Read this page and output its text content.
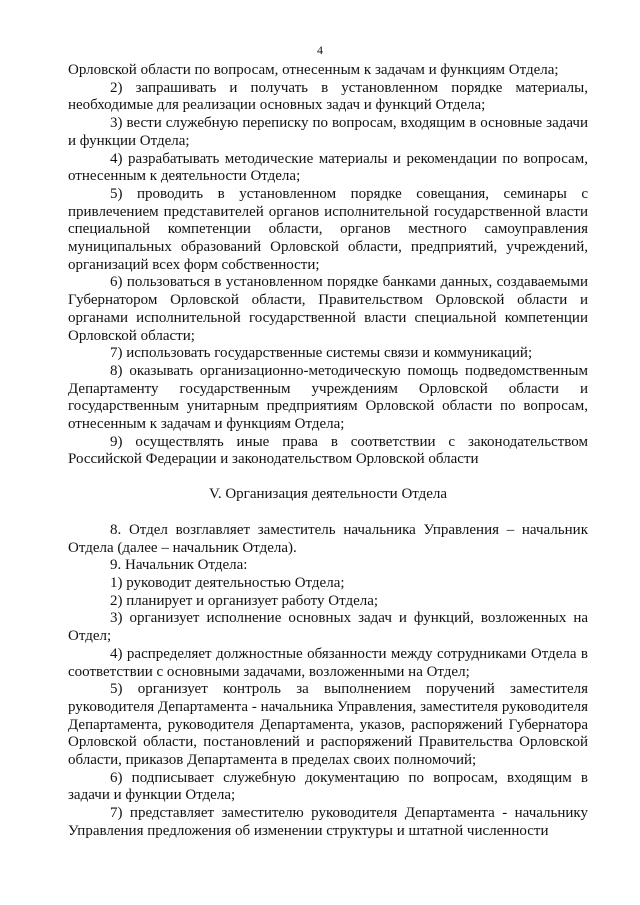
4

Орловской области по вопросам, отнесенным к задачам и функциям Отдела;

2) запрашивать и получать в установленном порядке материалы, необходимые для реализации основных задач и функций Отдела;

3) вести служебную переписку по вопросам, входящим в основные задачи и функции Отдела;

4) разрабатывать методические материалы и рекомендации по вопросам, отнесенным к деятельности Отдела;

5) проводить в установленном порядке совещания, семинары с привлечением представителей органов исполнительной государственной власти специальной компетенции области, органов местного самоуправления муниципальных образований Орловской области, предприятий, учреждений, организаций всех форм собственности;

6) пользоваться в установленном порядке банками данных, создаваемыми Губернатором Орловской области, Правительством Орловской области и органами исполнительной государственной власти специальной компетенции Орловской области;

7) использовать государственные системы связи и коммуникаций;

8) оказывать организационно-методическую помощь подведомственным Департаменту государственным учреждениям Орловской области и государственным унитарным предприятиям Орловской области по вопросам, отнесенным к задачам и функциям Отдела;

9) осуществлять иные права в соответствии с законодательством Российской Федерации и законодательством Орловской области

V. Организация деятельности Отдела

8. Отдел возглавляет заместитель начальника Управления – начальник Отдела (далее – начальник Отдела).

9. Начальник Отдела:

1) руководит деятельностью Отдела;

2) планирует и организует работу Отдела;

3) организует исполнение основных задач и функций, возложенных на Отдел;

4) распределяет должностные обязанности между сотрудниками Отдела в соответствии с основными задачами, возложенными на Отдел;

5) организует контроль за выполнением поручений заместителя руководителя Департамента - начальника Управления, заместителя руководителя Департамента, руководителя Департамента, указов, распоряжений Губернатора Орловской области, постановлений и распоряжений Правительства Орловской области, приказов Департамента в пределах своих полномочий;

6) подписывает служебную документацию по вопросам, входящим в задачи и функции Отдела;

7) представляет заместителю руководителя Департамента - начальнику Управления предложения об изменении структуры и штатной численности
